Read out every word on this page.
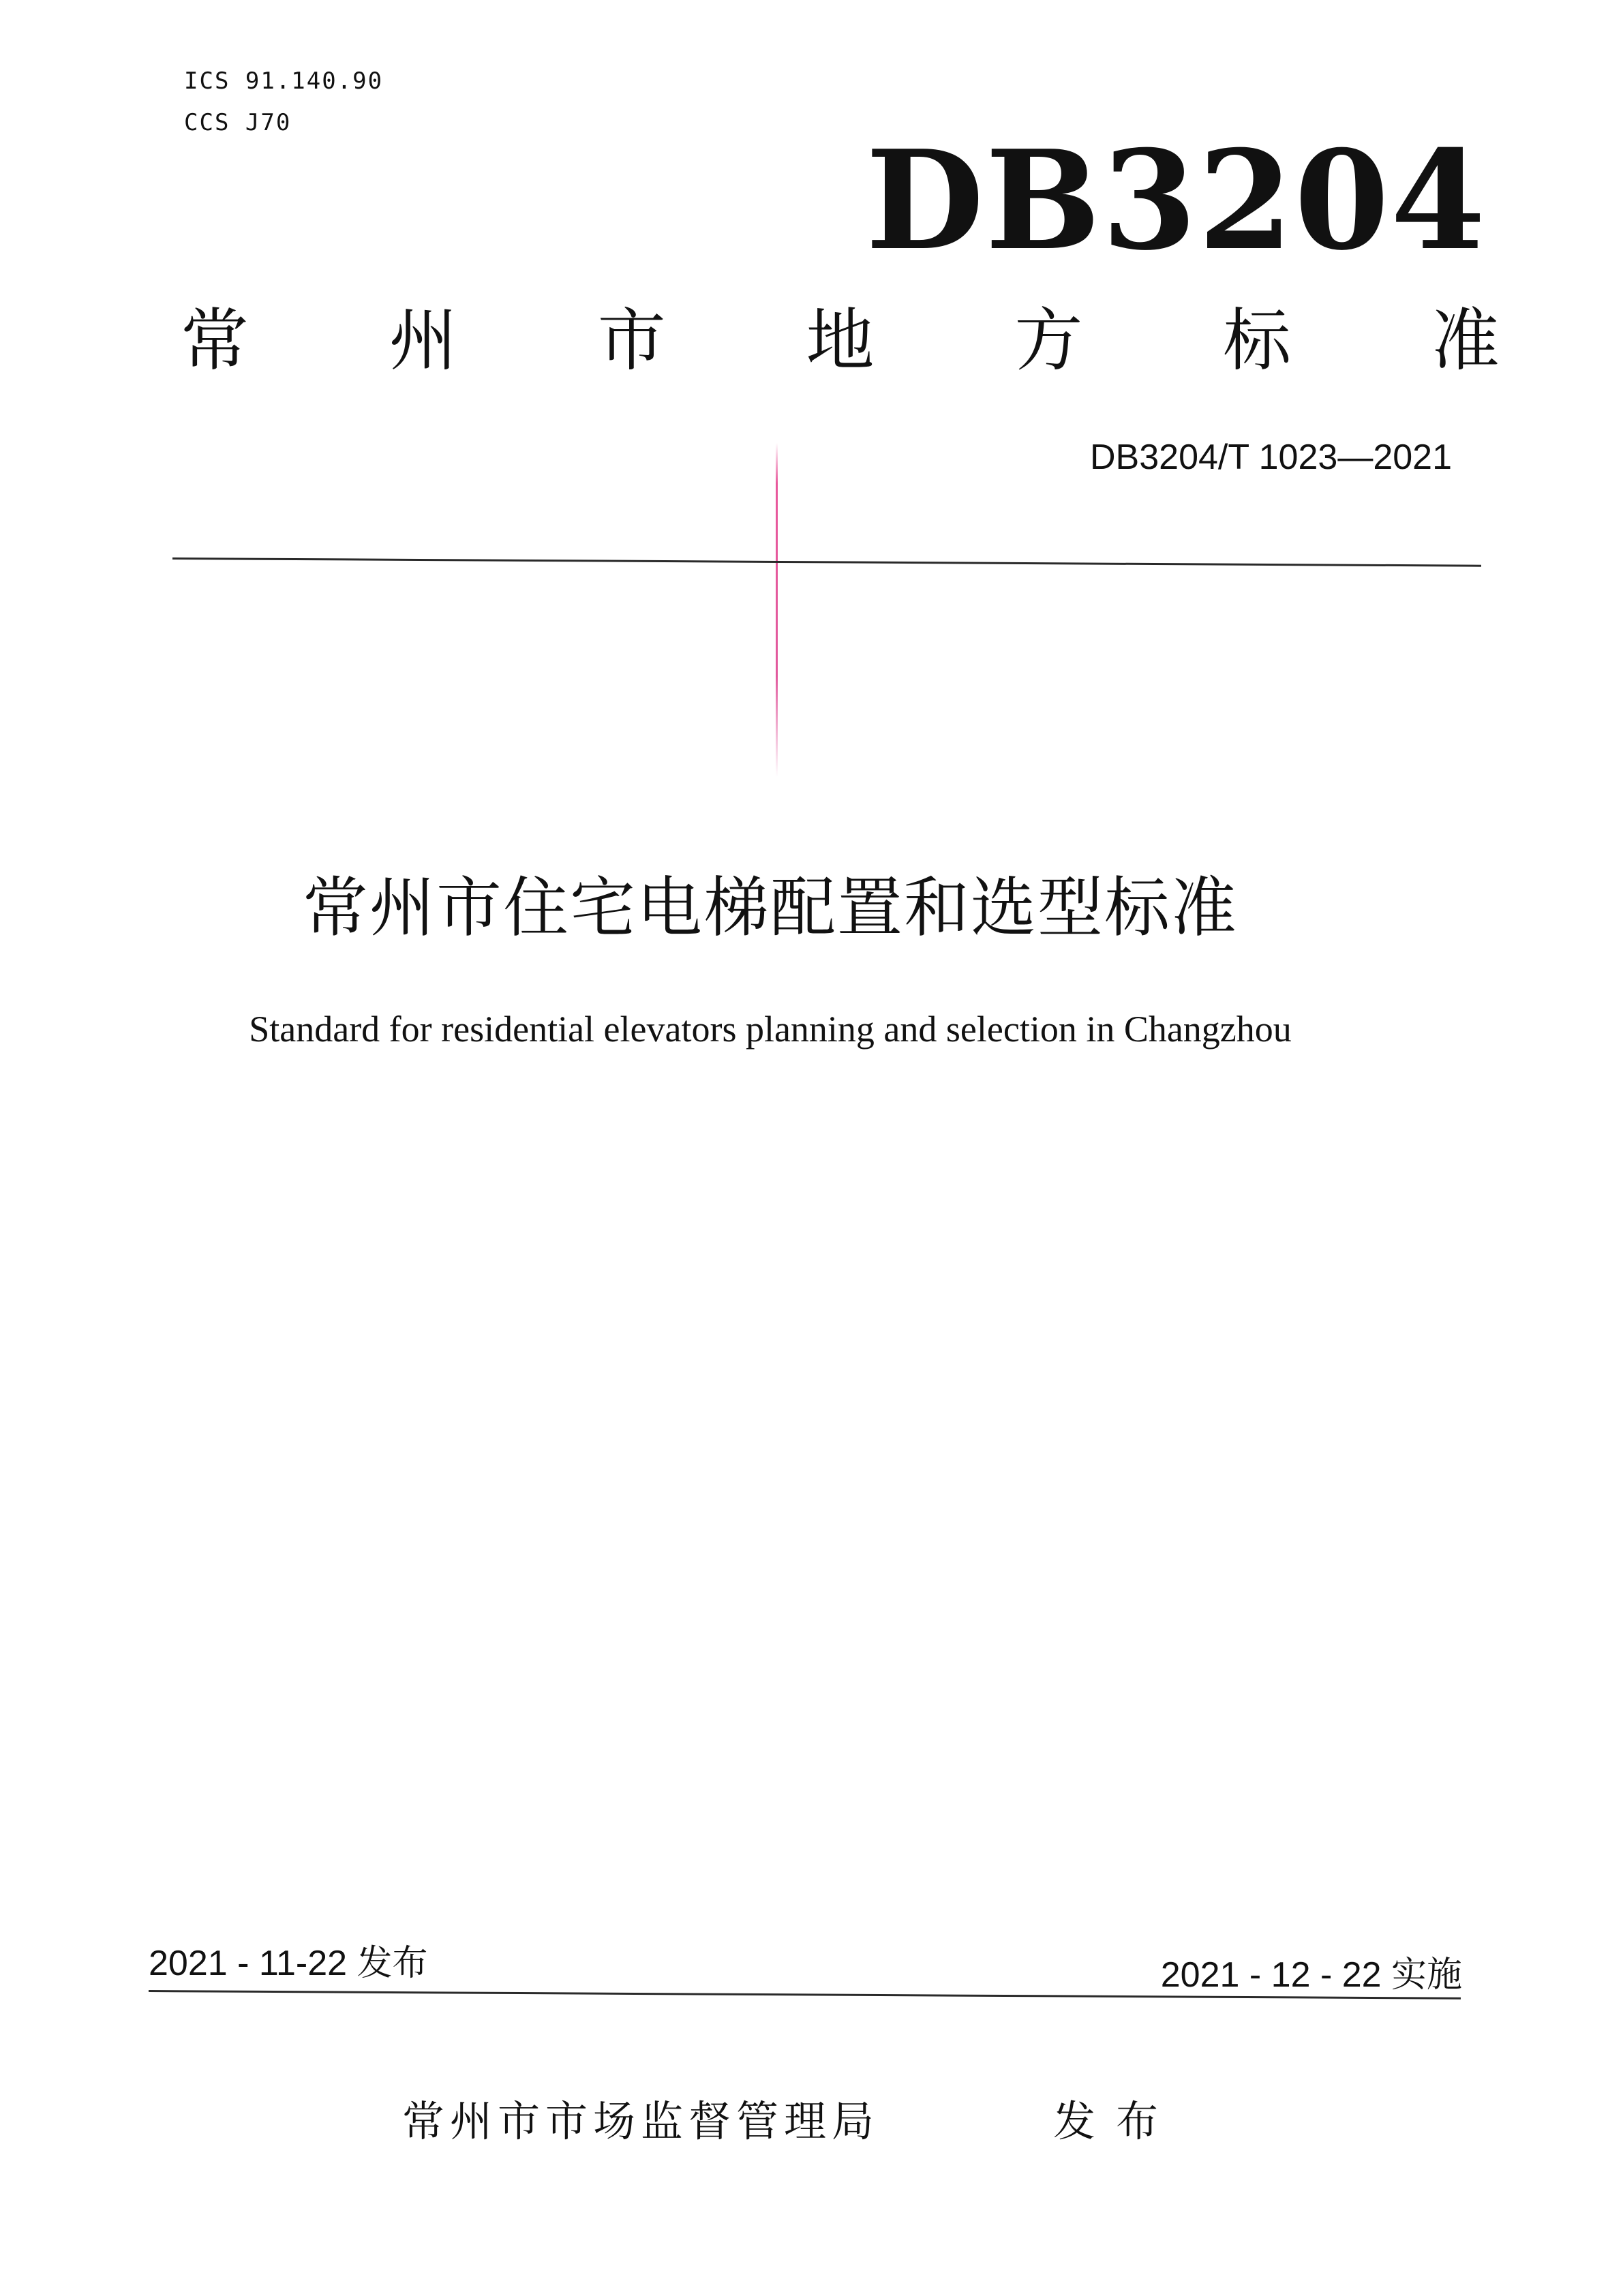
ICS 91.140.90
CCS J70	DB3204
常 州 市 地 方 标 准
DB3204/T 1023—2021
常州市住宅电梯配置和选型标准
Standard for residential elevators planning and selection in Changzhou
2021 - 11-22 发布	2021 - 12 - 22 实施
常州市市场监督管理局	发布
